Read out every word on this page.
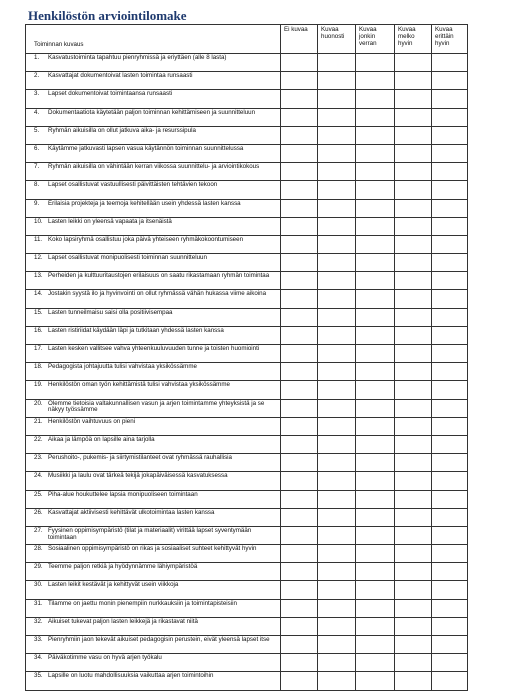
Henkilöstön arviointilomake
Toiminnan kuvaus	Ei kuvaa	Kuvaa huonosti	Kuvaa jonkin verran	Kuvaa melko hyvin	Kuvaa erittäin hyvin
1. Kasvatustoiminta tapahtuu pienryhmissä ja eriyttäen (alle 8 lasta)					
2. Kasvattajat dokumentoivat lasten toimintaa runsaasti					
3. Lapset dokumentoivat toimintaansa runsaasti					
4. Dokumentaatiota käytetään paljon toiminnan kehittämiseen ja suunnitteluun					
5. Ryhmän aikuisilla on ollut jatkuva aika- ja resurssipula					
6. Käytämme jatkuvasti lapsen vasua käytännön toiminnan suunnittelussa					
7. Ryhmän aikuisilla on vähintään kerran viikossa suunnittelu- ja arviointikokous					
8. Lapset osallistuvat vastuullisesti päivittäisten tehtävien tekoon					
9. Erilaisia projekteja ja teemoja kehitellään usein yhdessä lasten kanssa					
10. Lasten leikki on yleensä vapaata ja itsenäistä					
11. Koko lapsiryhmä osallistuu joka päivä yhteiseen ryhmäkokoontumiseen					
12. Lapset osallistuvat monipuolisesti toiminnan suunnitteluun					
13. Perheiden ja kulttuuritaustojen erilaisuus on saatu rikastamaan ryhmän toimintaa					
14. Jostakin syystä ilo ja hyvinvointi on ollut ryhmässä vähän hukassa viime aikoina					
15. Lasten tunneilmaisu saisi olla positiivisempaa					
16. Lasten ristiriidat käydään läpi ja tutkitaan yhdessä lasten kanssa					
17. Lasten kesken vallitsee vahva yhteenkuuluvuuden tunne ja toisten huomiointi					
18. Pedagogista johtajuutta tulisi vahvistaa yksikössämme					
19. Henkilöstön oman työn kehittämistä tulisi vahvistaa yksikössämme					
20. Olemme tietoisia valtakunnallisen vasun ja arjen toimintamme yhteyksistä ja se näkyy työssämme					
21. Henkilöstön vaihtuvuus on pieni					
22. Aikaa ja lämpöä on lapsille aina tarjolla					
23. Perushoito-, pukemis- ja siirtymistilanteet ovat ryhmässä rauhallisia					
24. Musiikki ja laulu ovat tärkeä tekijä jokapäiväisessä kasvatuksessa					
25. Piha-alue houkuttelee lapsia monipuoliseen toimintaan					
26. Kasvattajat aktiivisesti kehittävät ulkotoimintaa lasten kanssa					
27. Fyysinen oppimisympäristö (tilat ja materiaalit) virittää lapset syventymään toimintaan					
28. Sosiaalinen oppimisympäristö on rikas ja sosiaaliset suhteet kehittyvät hyvin					
29. Teemme paljon retkiä ja hyödynnämme lähiympäristöä					
30. Lasten leikit kestävät ja kehittyvät usein viikkoja					
31. Tilamme on jaettu monin pienempiin nurkkauksiin ja toimintapisteisiin					
32. Aikuiset tukevat paljon lasten leikkejä ja rikastavat niitä					
33. Pienryhmiin jaon tekevät aikuiset pedagogisin perustein, eivät yleensä lapset itse					
34. Päiväkotimme vasu on hyvä arjen työkalu					
35. Lapsille on luotu mahdollisuuksia vaikuttaa arjen toimintoihin					
